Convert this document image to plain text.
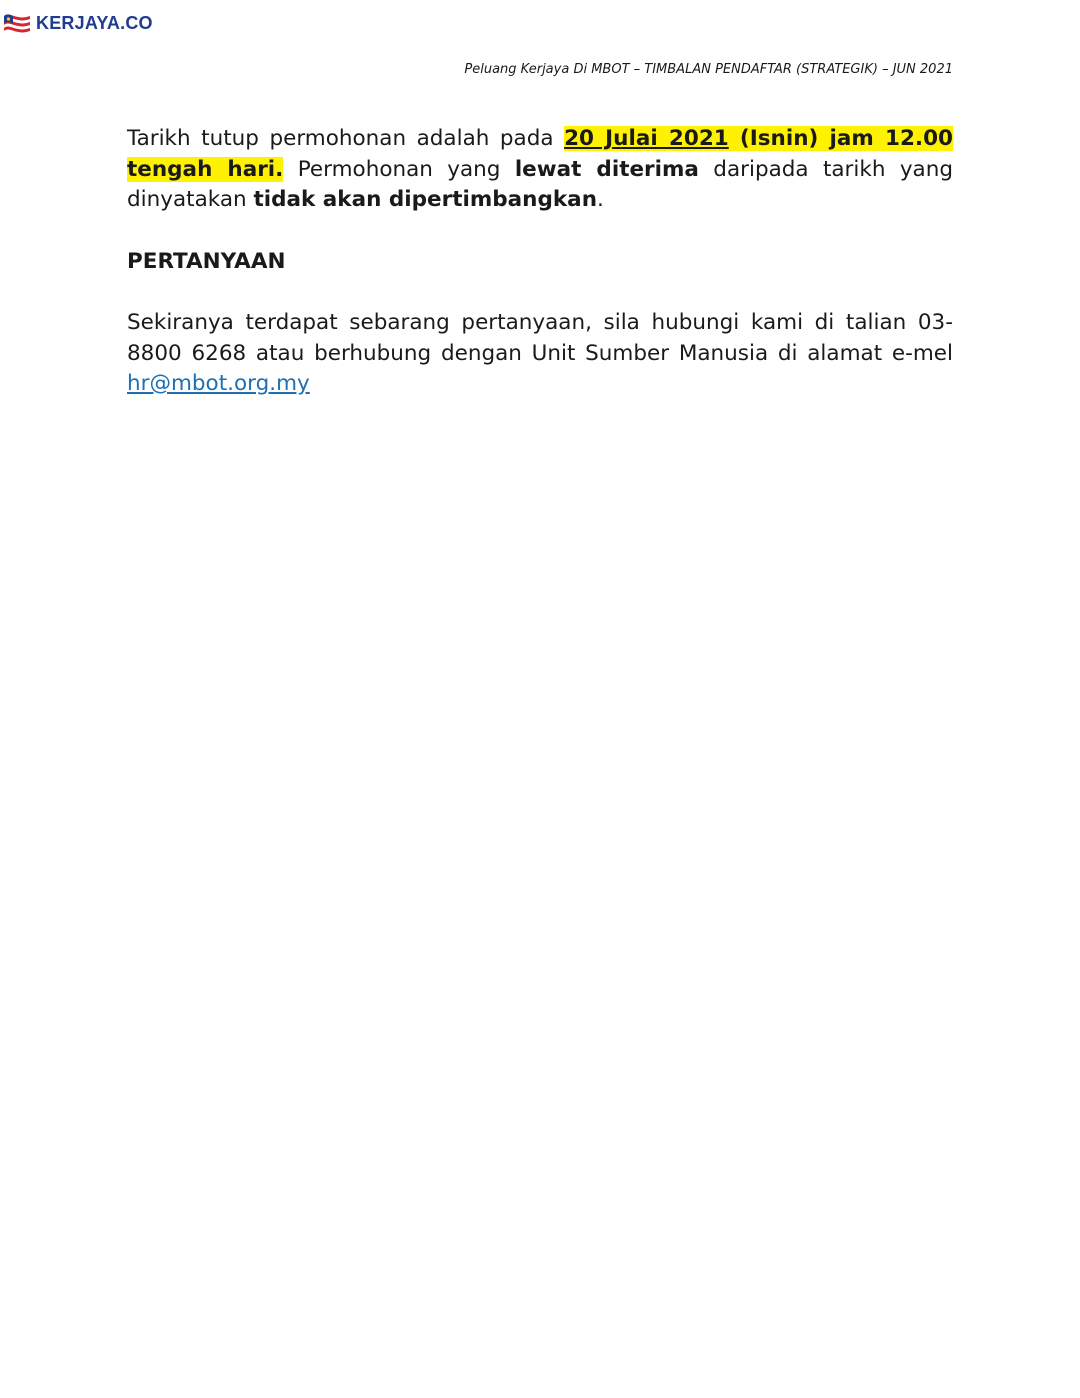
KERJAYA.CO
Peluang Kerjaya Di MBOT – TIMBALAN PENDAFTAR (STRATEGIK) – JUN 2021

Tarikh tutup permohonan adalah pada 20 Julai 2021 (Isnin) jam 12.00 tengah hari. Permohonan yang lewat diterima daripada tarikh yang dinyatakan tidak akan dipertimbangkan.

PERTANYAAN

Sekiranya terdapat sebarang pertanyaan, sila hubungi kami di talian 03-8800 6268 atau berhubung dengan Unit Sumber Manusia di alamat e-mel hr@mbot.org.my
